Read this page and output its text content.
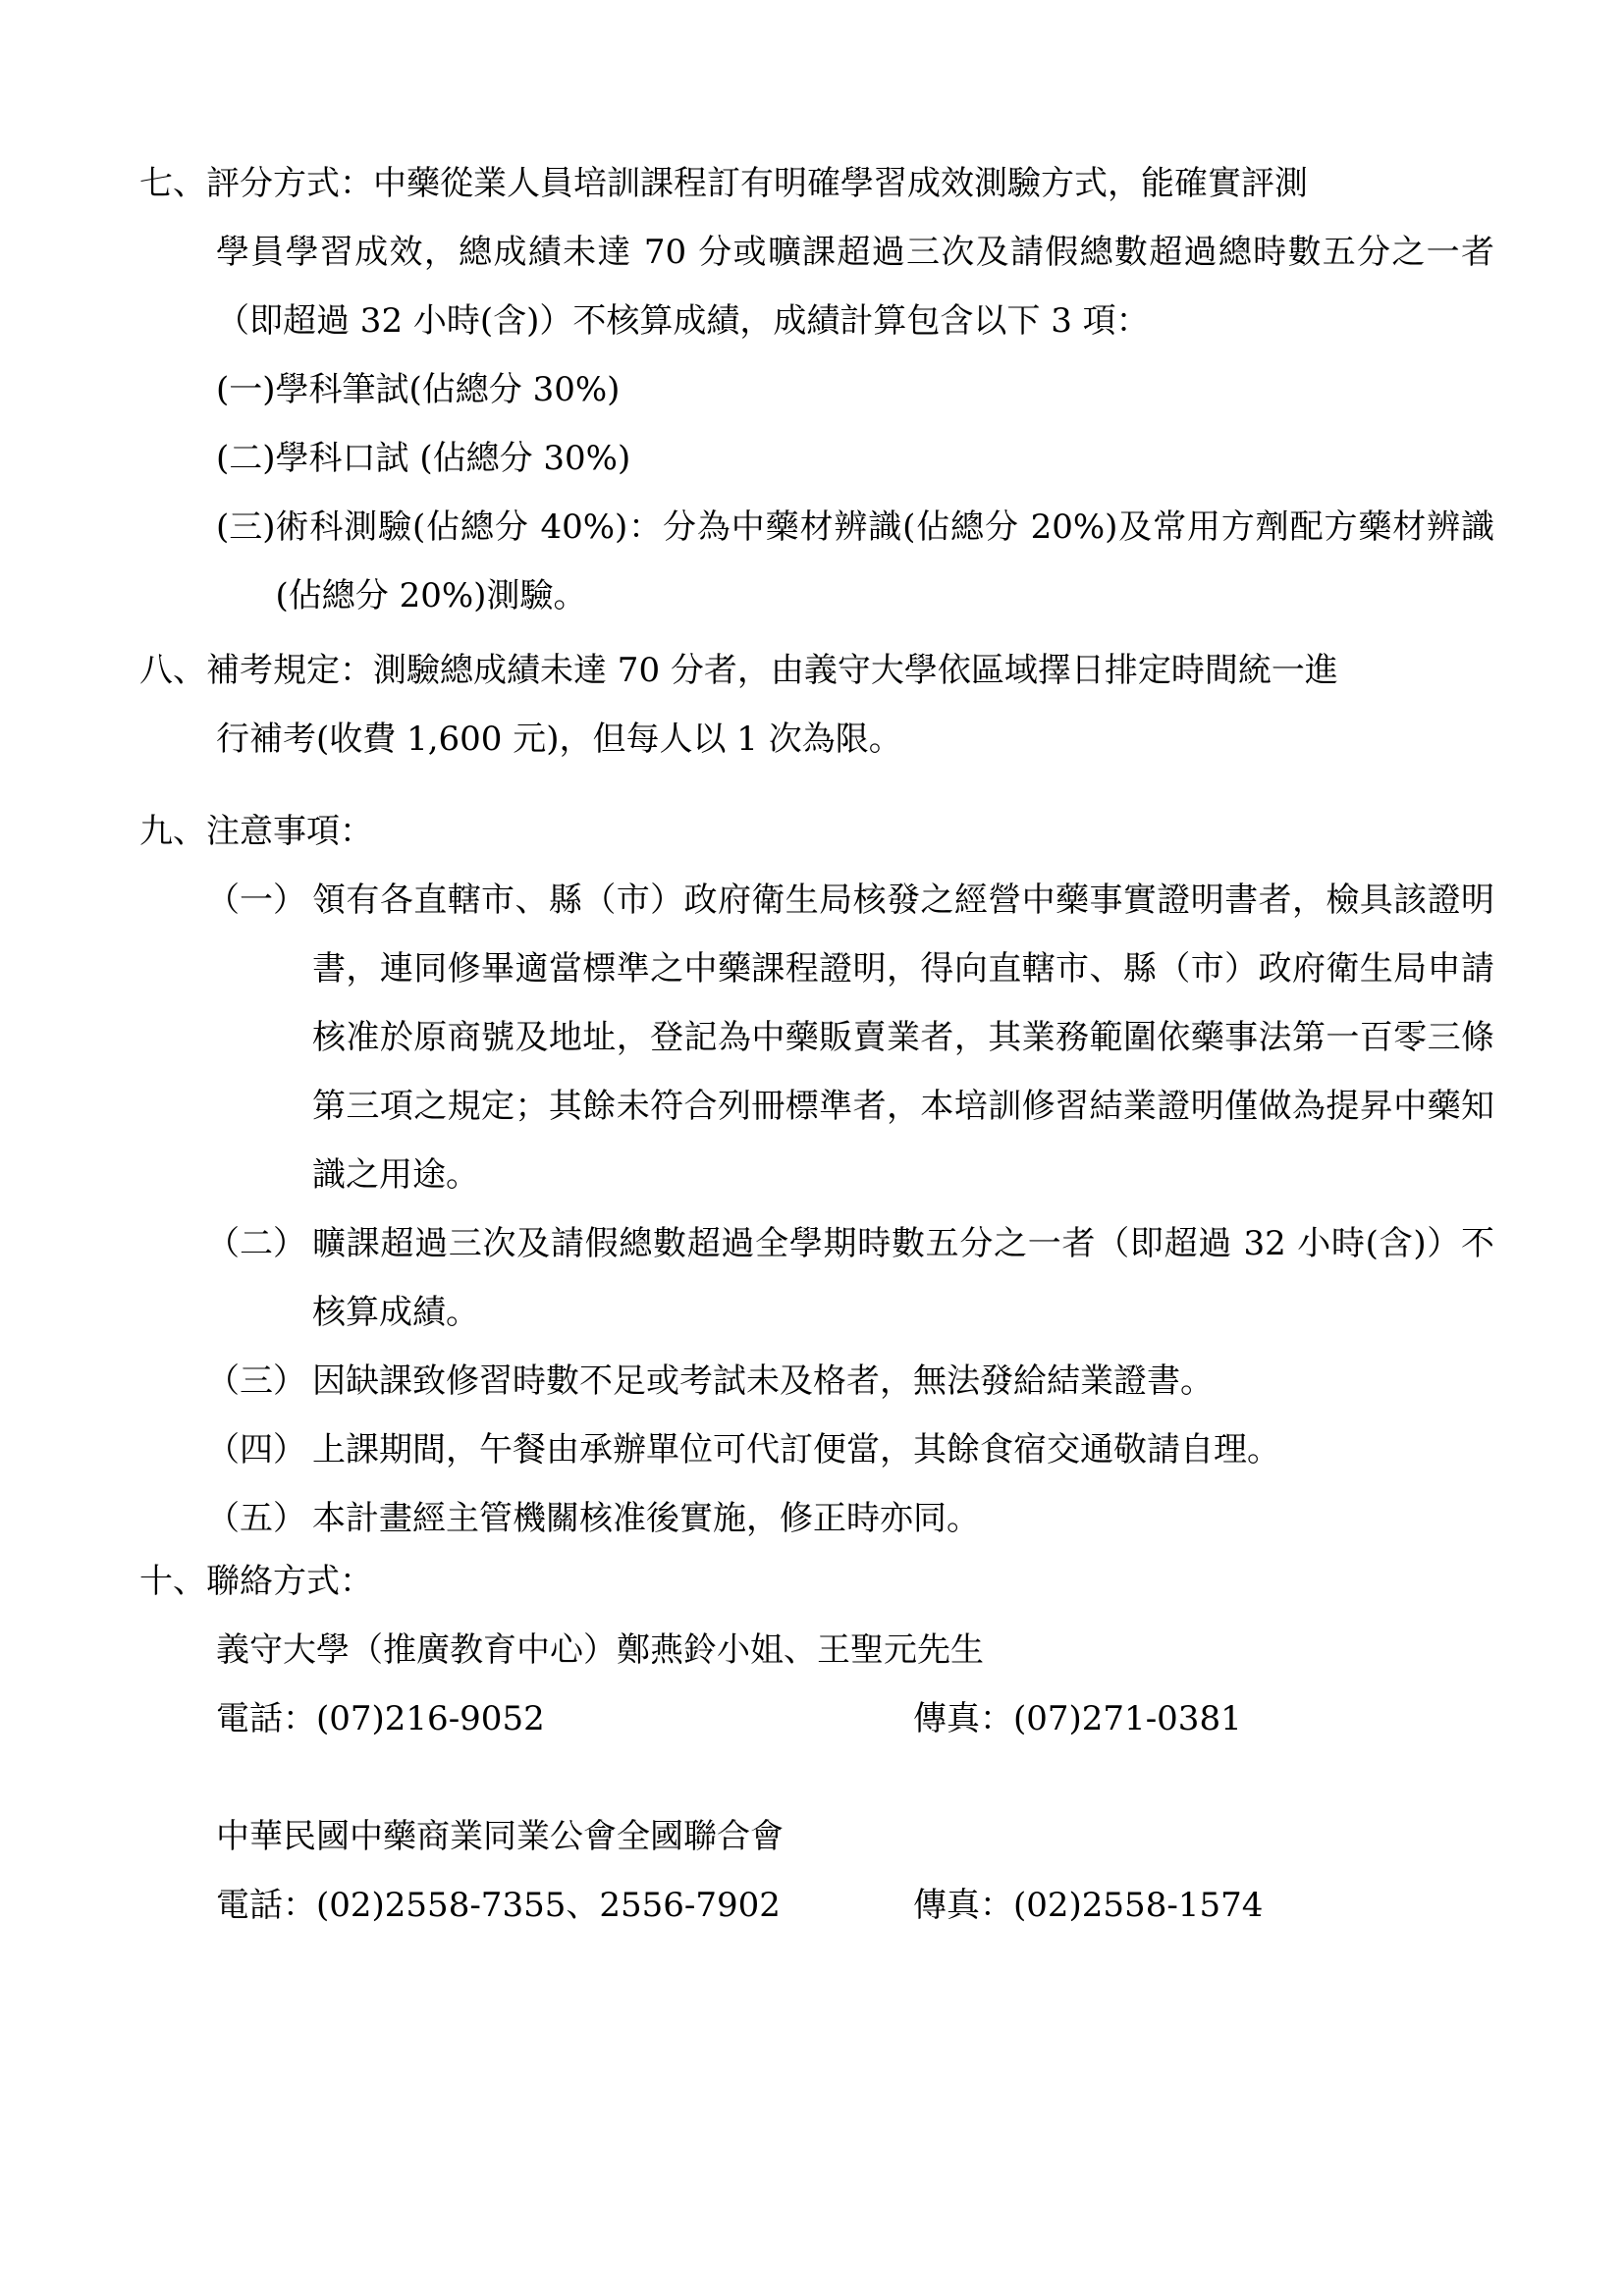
七、評分方式：中藥從業人員培訓課程訂有明確學習成效測驗方式，能確實評測
學員學習成效，總成績未達 70 分或曠課超過三次及請假總數超過總時數五分之一者（即超過 32 小時(含)）不核算成績，成績計算包含以下 3 項：
(一) 學科筆試(佔總分 30%)
(二) 學科口試 (佔總分 30%)
(三) 術科測驗(佔總分 40%)：分為中藥材辨識(佔總分 20%)及常用方劑配方藥材辨識(佔總分 20%)測驗。
八、補考規定：測驗總成績未達 70 分者，由義守大學依區域擇日排定時間統一進
行補考(收費 1,600 元)，但每人以 1 次為限。
九、注意事項：
（一） 領有各直轄市、縣（市）政府衛生局核發之經營中藥事實證明書者，檢具該證明書，連同修畢適當標準之中藥課程證明，得向直轄市、縣（市）政府衛生局申請核准於原商號及地址，登記為中藥販賣業者，其業務範圍依藥事法第一百零三條第三項之規定；其餘未符合列冊標準者，本培訓修習結業證明僅做為提昇中藥知識之用途。
（二） 曠課超過三次及請假總數超過全學期時數五分之一者（即超過 32 小時(含)）不核算成績。
（三） 因缺課致修習時數不足或考試未及格者，無法發給結業證書。
（四） 上課期間，午餐由承辦單位可代訂便當，其餘食宿交通敬請自理。
（五） 本計畫經主管機關核准後實施，修正時亦同。
十、聯絡方式：
義守大學（推廣教育中心）鄭燕鈴小姐、王聖元先生
電話：(07)216-9052	傳真：(07)271-0381
中華民國中藥商業同業公會全國聯合會
電話：(02)2558-7355、2556-7902	傳真：(02)2558-1574
